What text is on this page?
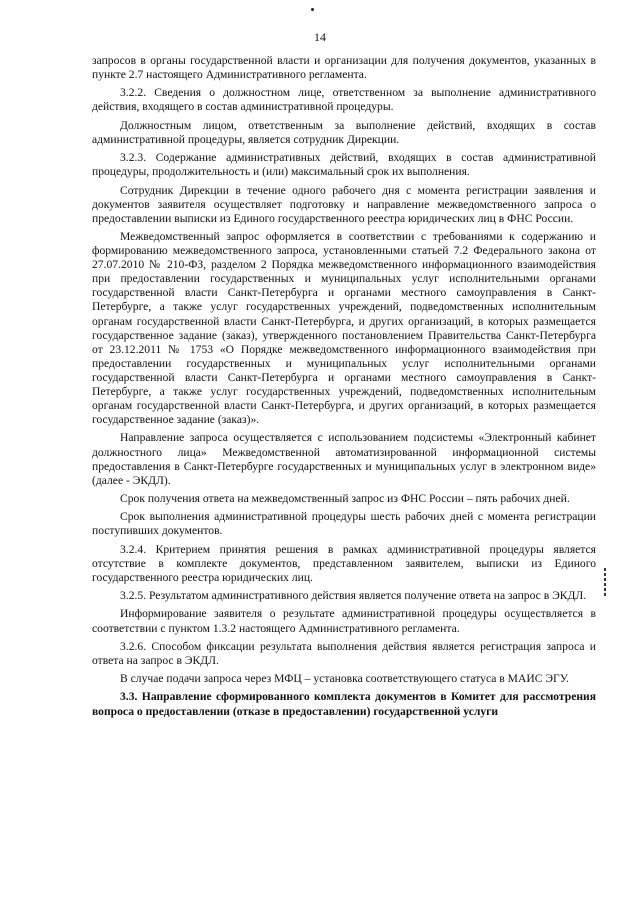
14

запросов в органы государственной власти и организации для получения документов, указанных в пункте 2.7 настоящего Административного регламента.

3.2.2. Сведения о должностном лице, ответственном за выполнение административного действия, входящего в состав административной процедуры.

Должностным лицом, ответственным за выполнение действий, входящих в состав административной процедуры, является сотрудник Дирекции.

3.2.3. Содержание административных действий, входящих в состав административной процедуры, продолжительность и (или) максимальный срок их выполнения.

Сотрудник Дирекции в течение одного рабочего дня с момента регистрации заявления и документов заявителя осуществляет подготовку и направление межведомственного запроса о предоставлении выписки из Единого государственного реестра юридических лиц в ФНС России.

Межведомственный запрос оформляется в соответствии с требованиями к содержанию и формированию межведомственного запроса, установленными статьей 7.2 Федерального закона от 27.07.2010 № 210-ФЗ, разделом 2 Порядка межведомственного информационного взаимодействия при предоставлении государственных и муниципальных услуг исполнительными органами государственной власти Санкт-Петербурга и органами местного самоуправления в Санкт-Петербурге, а также услуг государственных учреждений, подведомственных исполнительным органам государственной власти Санкт-Петербурга, и других организаций, в которых размещается государственное задание (заказ), утвержденного постановлением Правительства Санкт-Петербурга от 23.12.2011 № 1753 «О Порядке межведомственного информационного взаимодействия при предоставлении государственных и муниципальных услуг исполнительными органами государственной власти Санкт-Петербурга и органами местного самоуправления в Санкт-Петербурге, а также услуг государственных учреждений, подведомственных исполнительным органам государственной власти Санкт-Петербурга, и других организаций, в которых размещается государственное задание (заказ)».

Направление запроса осуществляется с использованием подсистемы «Электронный кабинет должностного лица» Межведомственной автоматизированной информационной системы предоставления в Санкт-Петербурге государственных и муниципальных услуг в электронном виде» (далее - ЭКДЛ).

Срок получения ответа на межведомственный запрос из ФНС России – пять рабочих дней.

Срок выполнения административной процедуры шесть рабочих дней с момента регистрации поступивших документов.

3.2.4. Критерием принятия решения в рамках административной процедуры является отсутствие в комплекте документов, представленном заявителем, выписки из Единого государственного реестра юридических лиц.

3.2.5. Результатом административного действия является получение ответа на запрос в ЭКДЛ.

Информирование заявителя о результате административной процедуры осуществляется в соответствии с пунктом 1.3.2 настоящего Административного регламента.

3.2.6. Способом фиксации результата выполнения действия является регистрация запроса и ответа на запрос в ЭКДЛ.

В случае подачи запроса через МФЦ – установка соответствующего статуса в МАИС ЭГУ.

3.3. Направление сформированного комплекта документов в Комитет для рассмотрения вопроса о предоставлении (отказе в предоставлении) государственной услуги
